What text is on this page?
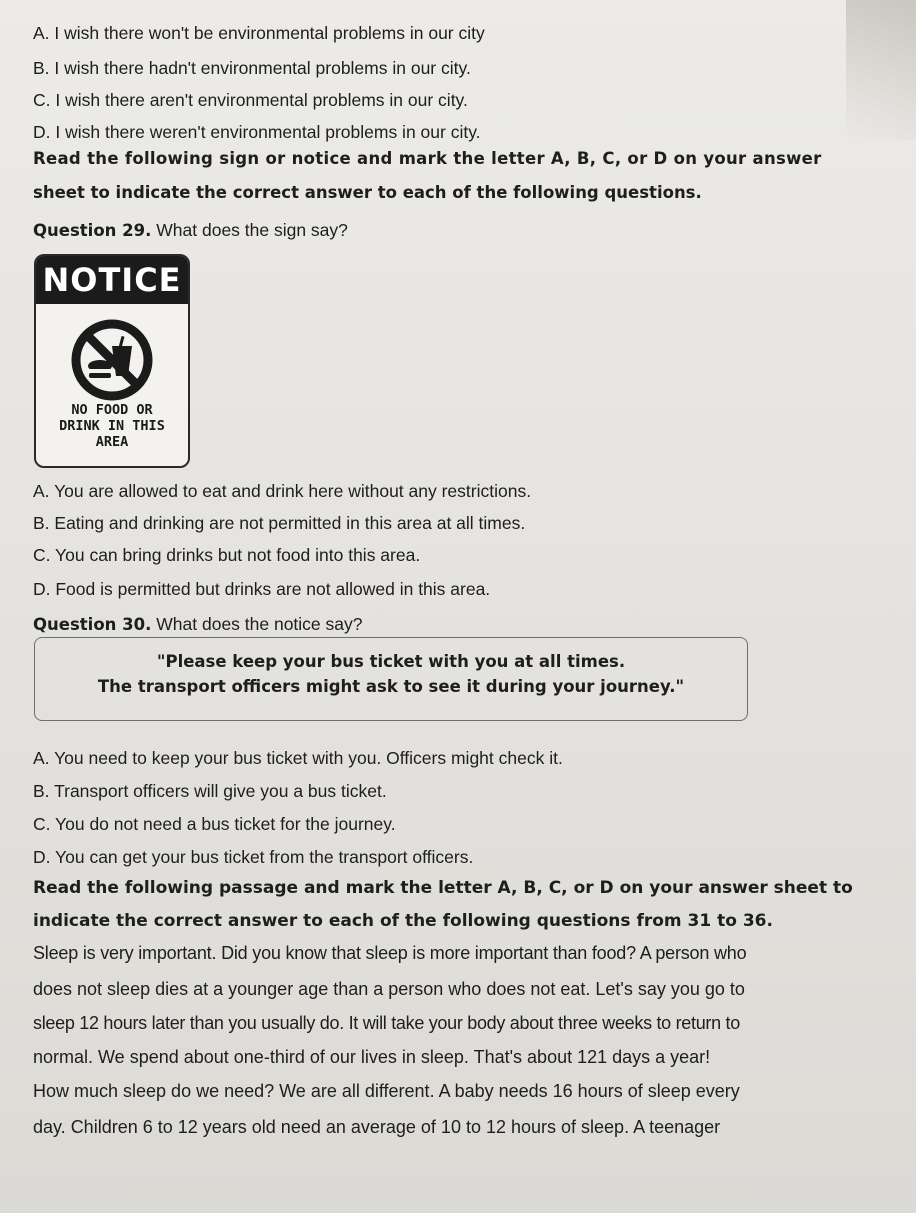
A. I wish there won't be environmental problems in our city
B. I wish there hadn't environmental problems in our city.
C. I wish there aren't environmental problems in our city.
D. I wish there weren't environmental problems in our city.
Read the following sign or notice and mark the letter A, B, C, or D on your answer
sheet to indicate the correct answer to each of the following questions.
Question 29. What does the sign say?
NOTICE
NO FOOD OR
DRINK IN THIS
AREA
A. You are allowed to eat and drink here without any restrictions.
B. Eating and drinking are not permitted in this area at all times.
C. You can bring drinks but not food into this area.
D. Food is permitted but drinks are not allowed in this area.
Question 30. What does the notice say?
"Please keep your bus ticket with you at all times.
The transport officers might ask to see it during your journey."
A. You need to keep your bus ticket with you. Officers might check it.
B. Transport officers will give you a bus ticket.
C. You do not need a bus ticket for the journey.
D. You can get your bus ticket from the transport officers.
Read the following passage and mark the letter A, B, C, or D on your answer sheet to
indicate the correct answer to each of the following questions from 31 to 36.
Sleep is very important. Did you know that sleep is more important than food? A person who
does not sleep dies at a younger age than a person who does not eat. Let's say you go to
sleep 12 hours later than you usually do. It will take your body about three weeks to return to
normal. We spend about one-third of our lives in sleep. That's about 121 days a year!
How much sleep do we need? We are all different. A baby needs 16 hours of sleep every
day. Children 6 to 12 years old need an average of 10 to 12 hours of sleep. A teenager
